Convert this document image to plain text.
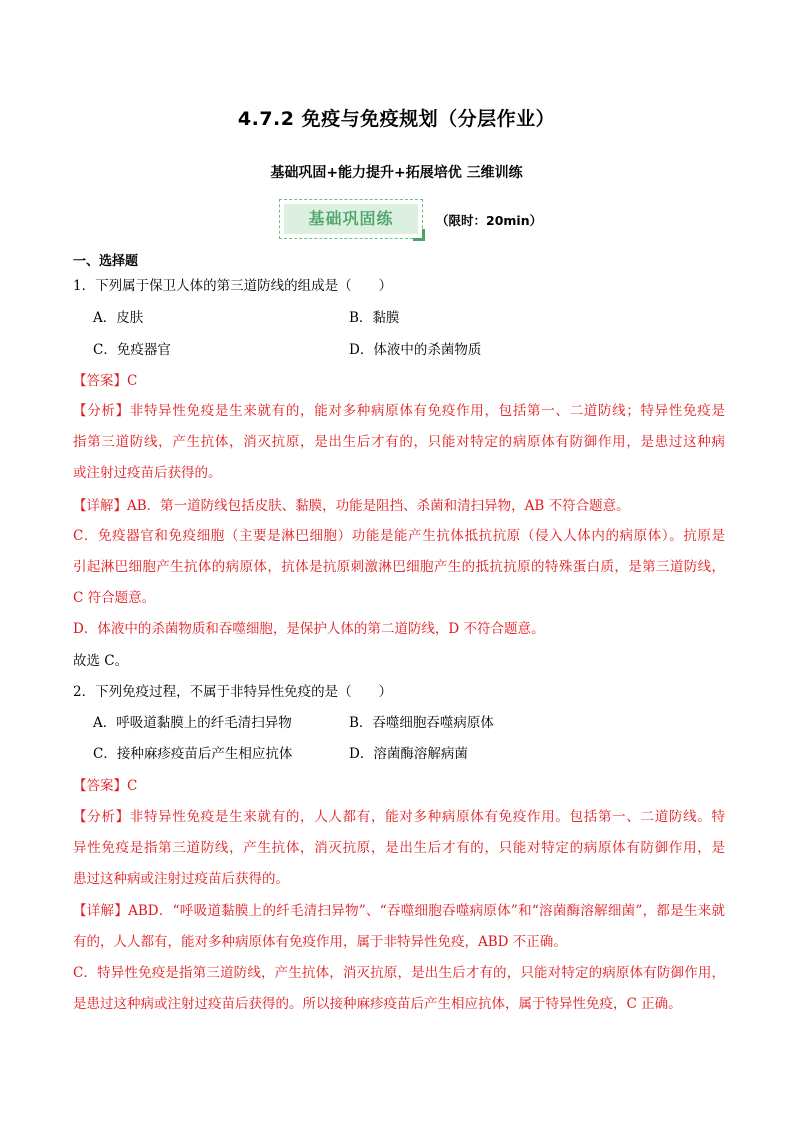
4.7.2 免疫与免疫规划（分层作业）
基础巩固+能力提升+拓展培优 三维训练
基础巩固练	（限时：20min）
一、选择题
1．下列属于保卫人体的第三道防线的组成是（　　）
A．皮肤	B．黏膜
C．免疫器官	D．体液中的杀菌物质
【答案】C
【分析】非特异性免疫是生来就有的，能对多种病原体有免疫作用，包括第一、二道防线；特异性免疫是
指第三道防线，产生抗体，消灭抗原，是出生后才有的，只能对特定的病原体有防御作用，是患过这种病
或注射过疫苗后获得的。
【详解】AB．第一道防线包括皮肤、黏膜，功能是阻挡、杀菌和清扫异物，AB 不符合题意。
C．免疫器官和免疫细胞（主要是淋巴细胞）功能是能产生抗体抵抗抗原（侵入人体内的病原体）。抗原是
引起淋巴细胞产生抗体的病原体，抗体是抗原刺激淋巴细胞产生的抵抗抗原的特殊蛋白质，是第三道防线，
C 符合题意。
D．体液中的杀菌物质和吞噬细胞，是保护人体的第二道防线，D 不符合题意。
故选 C。
2．下列免疫过程，不属于非特异性免疫的是（　　）
A．呼吸道黏膜上的纤毛清扫异物	B．吞噬细胞吞噬病原体
C．接种麻疹疫苗后产生相应抗体	D．溶菌酶溶解病菌
【答案】C
【分析】非特异性免疫是生来就有的，人人都有，能对多种病原体有免疫作用。包括第一、二道防线。特
异性免疫是指第三道防线，产生抗体，消灭抗原，是出生后才有的，只能对特定的病原体有防御作用，是
患过这种病或注射过疫苗后获得的。
【详解】ABD．“呼吸道黏膜上的纤毛清扫异物”、“吞噬细胞吞噬病原体”和“溶菌酶溶解细菌”，都是生来就
有的，人人都有，能对多种病原体有免疫作用，属于非特异性免疫，ABD 不正确。
C．特异性免疫是指第三道防线，产生抗体，消灭抗原，是出生后才有的，只能对特定的病原体有防御作用，
是患过这种病或注射过疫苗后获得的。所以接种麻疹疫苗后产生相应抗体，属于特异性免疫，C 正确。
